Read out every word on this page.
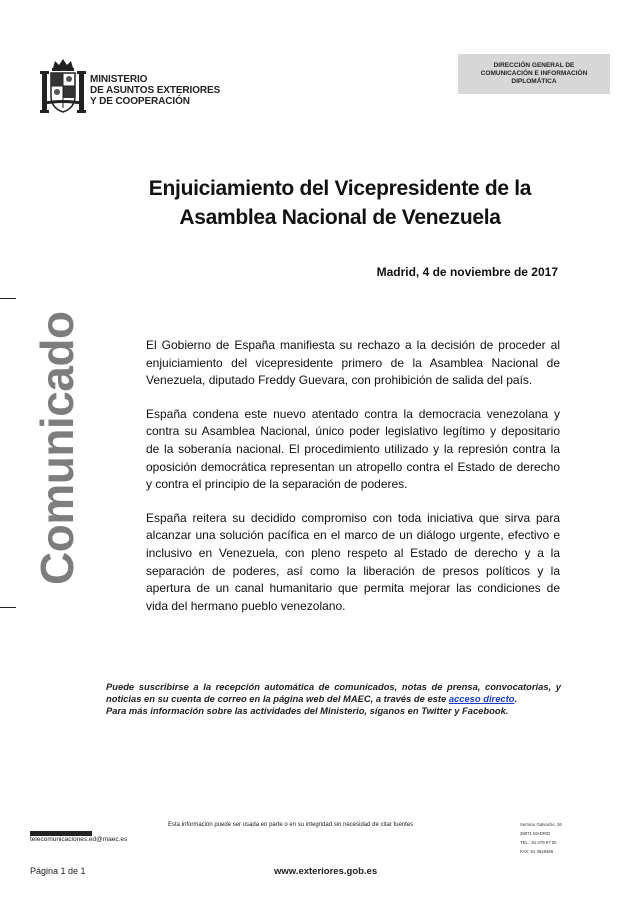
MINISTERIO
DE ASUNTOS EXTERIORES
Y DE COOPERACIÓN
DIRECCIÓN GENERAL DE
COMUNICACIÓN E INFORMACIÓN
DIPLOMÁTICA
Enjuiciamiento del Vicepresidente de la
Asamblea Nacional de Venezuela
Madrid, 4 de noviembre de 2017
Comunicado	El Gobierno de España manifiesta su rechazo a la decisión de proceder al enjuiciamiento del vicepresidente primero de la Asamblea Nacional de Venezuela, diputado Freddy Guevara, con prohibición de salida del país.

España condena este nuevo atentado contra la democracia venezolana y contra su Asamblea Nacional, único poder legislativo legítimo y depositario de la soberanía nacional. El procedimiento utilizado y la represión contra la oposición democrática representan un atropello contra el Estado de derecho y contra el principio de la separación de poderes.

España reitera su decidido compromiso con toda iniciativa que sirva para alcanzar una solución pacífica en el marco de un diálogo urgente, efectivo e inclusivo en Venezuela, con pleno respeto al Estado de derecho y a la separación de poderes, así como la liberación de presos políticos y la apertura de un canal humanitario que permita mejorar las condiciones de vida del hermano pueblo venezolano.

Puede suscribirse a la recepción automática de comunicados, notas de prensa, convocatorias, y noticias en su cuenta de correo en la página web del MAEC, a través de este acceso directo.

Para más información sobre las actividades del Ministerio, síganos en Twitter y Facebook.

Esta información puede ser usada en parte o en su integridad sin necesidad de citar fuentes
telecomunicaciones.ed@maec.es
Serrano Galvache, 26
28071 MADRID
TEL.: 91 379 97 00
FAX: 91 3948486
Página 1 de 1	www.exteriores.gob.es
